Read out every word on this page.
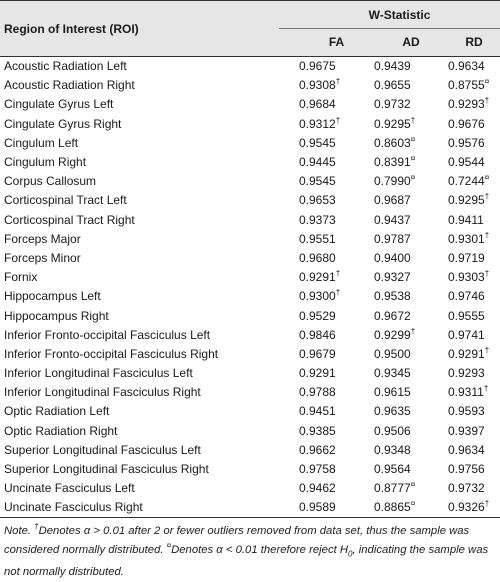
Region of Interest (ROI)	W-Statistic		
	FA	AD	RD
Acoustic Radiation Left	0.9675	0.9439	0.9634
Acoustic Radiation Right	0.9308†	0.9655	0.8755¤
Cingulate Gyrus Left	0.9684	0.9732	0.9293†
Cingulate Gyrus Right	0.9312†	0.9295†	0.9676
Cingulum Left	0.9545	0.8603¤	0.9576
Cingulum Right	0.9445	0.8391¤	0.9544
Corpus Callosum	0.9545	0.7990¤	0.7244¤
Corticospinal Tract Left	0.9653	0.9687	0.9295†
Corticospinal Tract Right	0.9373	0.9437	0.9411
Forceps Major	0.9551	0.9787	0.9301†
Forceps Minor	0.9680	0.9400	0.9719
Fornix	0.9291†	0.9327	0.9303†
Hippocampus Left	0.9300†	0.9538	0.9746
Hippocampus Right	0.9529	0.9672	0.9555
Inferior Fronto-occipital Fasciculus Left	0.9846	0.9299†	0.9741
Inferior Fronto-occipital Fasciculus Right	0.9679	0.9500	0.9291†
Inferior Longitudinal Fasciculus Left	0.9291	0.9345	0.9293
Inferior Longitudinal Fasciculus Right	0.9788	0.9615	0.9311†
Optic Radiation Left	0.9451	0.9635	0.9593
Optic Radiation Right	0.9385	0.9506	0.9397
Superior Longitudinal Fasciculus Left	0.9662	0.9348	0.9634
Superior Longitudinal Fasciculus Right	0.9758	0.9564	0.9756
Uncinate Fasciculus Left	0.9462	0.8777¤	0.9732
Uncinate Fasciculus Right	0.9589	0.8865¤	0.9326†
Note. †Denotes α > 0.01 after 2 or fewer outliers removed from data set, thus the sample was considered normally distributed. ¤Denotes α < 0.01 therefore reject $H_0$, indicating the sample was not normally distributed.
